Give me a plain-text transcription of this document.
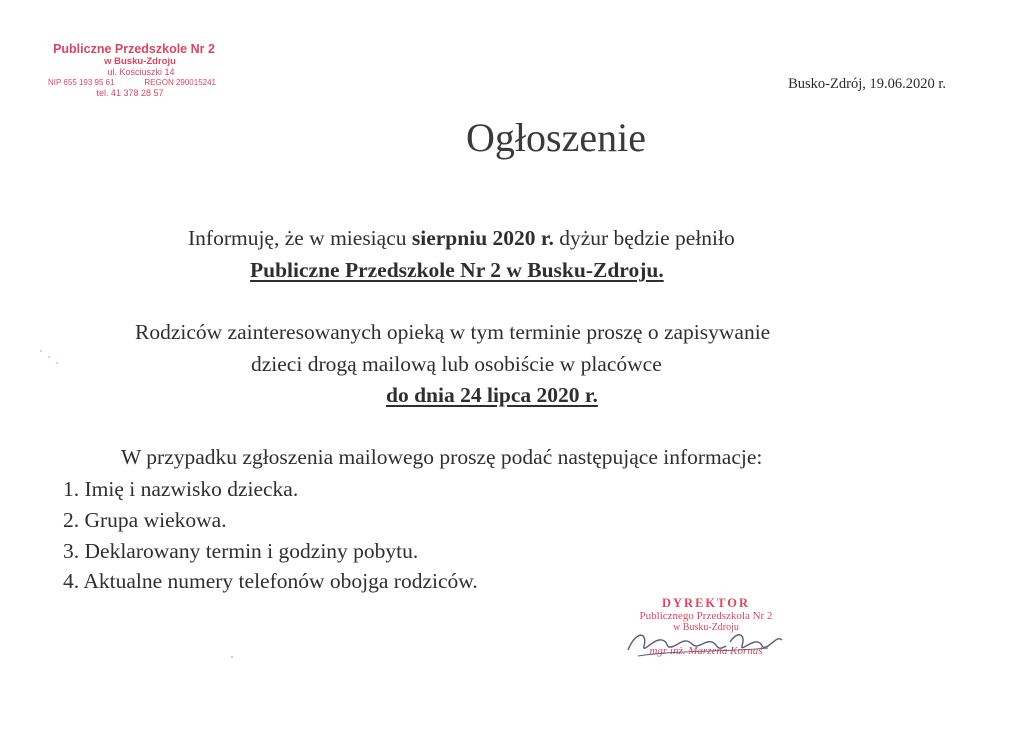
Publiczne Przedszkole Nr 2
w Busku-Zdroju
ul. Kościuszki 14
NIP 655 193 95 61	REGON 290015241
tel. 41 378 28 57
Busko-Zdrój, 19.06.2020 r.
Ogłoszenie
Informuję, że w miesiącu sierpniu 2020 r. dyżur będzie pełniło
Publiczne Przedszkole Nr 2 w Busku-Zdroju.
Rodziców zainteresowanych opieką w tym terminie proszę o zapisywanie
dzieci drogą mailową lub osobiście w placówce
do dnia 24 lipca 2020 r.
W przypadku zgłoszenia mailowego proszę podać następujące informacje:
1. Imię i nazwisko dziecka.
2. Grupa wiekowa.
3. Deklarowany termin i godziny pobytu.
4. Aktualne numery telefonów obojga rodziców.
DYREKTOR
Publicznego Przedszkola Nr 2
w Busku-Zdroju
mgr inż. Marzena Kornaś
